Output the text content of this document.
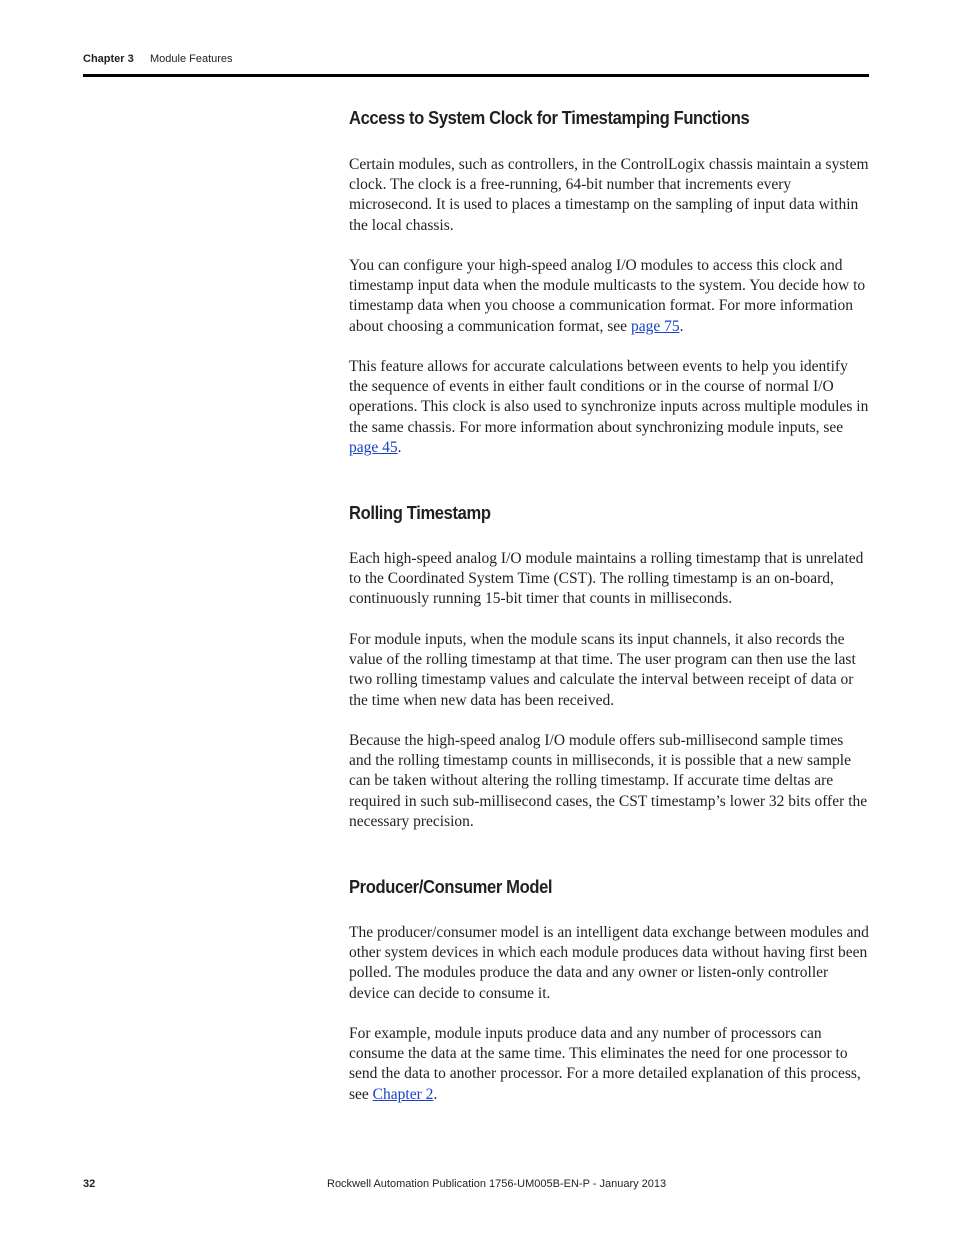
Chapter 3 Module Features
Access to System Clock for Timestamping Functions

Certain modules, such as controllers, in the ControlLogix chassis maintain a system clock. The clock is a free-running, 64-bit number that increments every microsecond. It is used to places a timestamp on the sampling of input data within the local chassis.

You can configure your high-speed analog I/O modules to access this clock and timestamp input data when the module multicasts to the system. You decide how to timestamp data when you choose a communication format. For more information about choosing a communication format, see page 75.

This feature allows for accurate calculations between events to help you identify the sequence of events in either fault conditions or in the course of normal I/O operations. This clock is also used to synchronize inputs across multiple modules in the same chassis. For more information about synchronizing module inputs, see page 45.

Rolling Timestamp

Each high-speed analog I/O module maintains a rolling timestamp that is unrelated to the Coordinated System Time (CST). The rolling timestamp is an on-board, continuously running 15-bit timer that counts in milliseconds.

For module inputs, when the module scans its input channels, it also records the value of the rolling timestamp at that time. The user program can then use the last two rolling timestamp values and calculate the interval between receipt of data or the time when new data has been received.

Because the high-speed analog I/O module offers sub-millisecond sample times and the rolling timestamp counts in milliseconds, it is possible that a new sample can be taken without altering the rolling timestamp. If accurate time deltas are required in such sub-millisecond cases, the CST timestamp’s lower 32 bits offer the necessary precision.

Producer/Consumer Model

The producer/consumer model is an intelligent data exchange between modules and other system devices in which each module produces data without having first been polled. The modules produce the data and any owner or listen-only controller device can decide to consume it.

For example, module inputs produce data and any number of processors can consume the data at the same time. This eliminates the need for one processor to send the data to another processor. For a more detailed explanation of this process, see Chapter 2.

32	Rockwell Automation Publication 1756-UM005B-EN-P - January 2013
